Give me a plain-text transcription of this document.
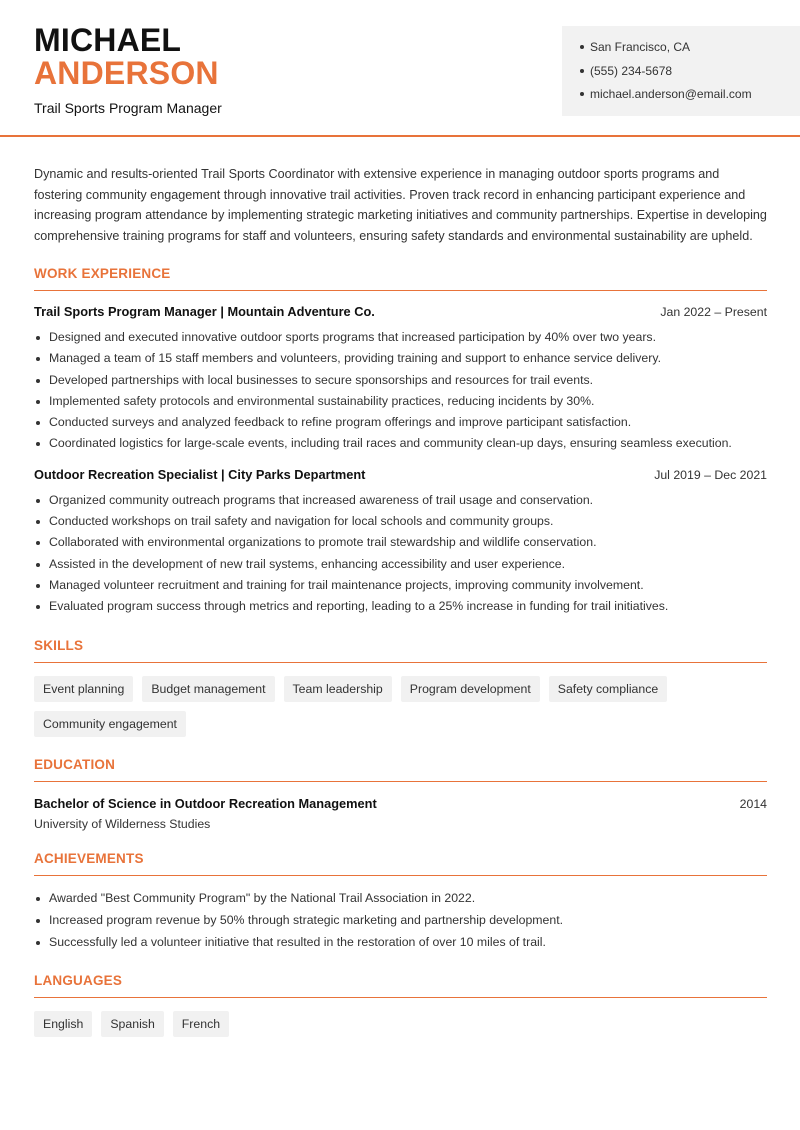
MICHAEL
ANDERSON
Trail Sports Program Manager
San Francisco, CA
(555) 234-5678
michael.anderson@email.com

Dynamic and results-oriented Trail Sports Coordinator with extensive experience in managing outdoor sports programs and fostering community engagement through innovative trail activities. Proven track record in enhancing participant experience and increasing program attendance by implementing strategic marketing initiatives and community partnerships. Expertise in developing comprehensive training programs for staff and volunteers, ensuring safety standards and environmental sustainability are upheld.

WORK EXPERIENCE
Trail Sports Program Manager | Mountain Adventure Co.	Jan 2022 – Present
Designed and executed innovative outdoor sports programs that increased participation by 40% over two years.
Managed a team of 15 staff members and volunteers, providing training and support to enhance service delivery.
Developed partnerships with local businesses to secure sponsorships and resources for trail events.
Implemented safety protocols and environmental sustainability practices, reducing incidents by 30%.
Conducted surveys and analyzed feedback to refine program offerings and improve participant satisfaction.
Coordinated logistics for large-scale events, including trail races and community clean-up days, ensuring seamless execution.
Outdoor Recreation Specialist | City Parks Department	Jul 2019 – Dec 2021
Organized community outreach programs that increased awareness of trail usage and conservation.
Conducted workshops on trail safety and navigation for local schools and community groups.
Collaborated with environmental organizations to promote trail stewardship and wildlife conservation.
Assisted in the development of new trail systems, enhancing accessibility and user experience.
Managed volunteer recruitment and training for trail maintenance projects, improving community involvement.
Evaluated program success through metrics and reporting, leading to a 25% increase in funding for trail initiatives.
SKILLS
Event planning	Budget management	Team leadership	Program development	Safety compliance
Community engagement
EDUCATION
Bachelor of Science in Outdoor Recreation Management	2014
University of Wilderness Studies
ACHIEVEMENTS
Awarded "Best Community Program" by the National Trail Association in 2022.
Increased program revenue by 50% through strategic marketing and partnership development.
Successfully led a volunteer initiative that resulted in the restoration of over 10 miles of trail.
LANGUAGES
English	Spanish	French
